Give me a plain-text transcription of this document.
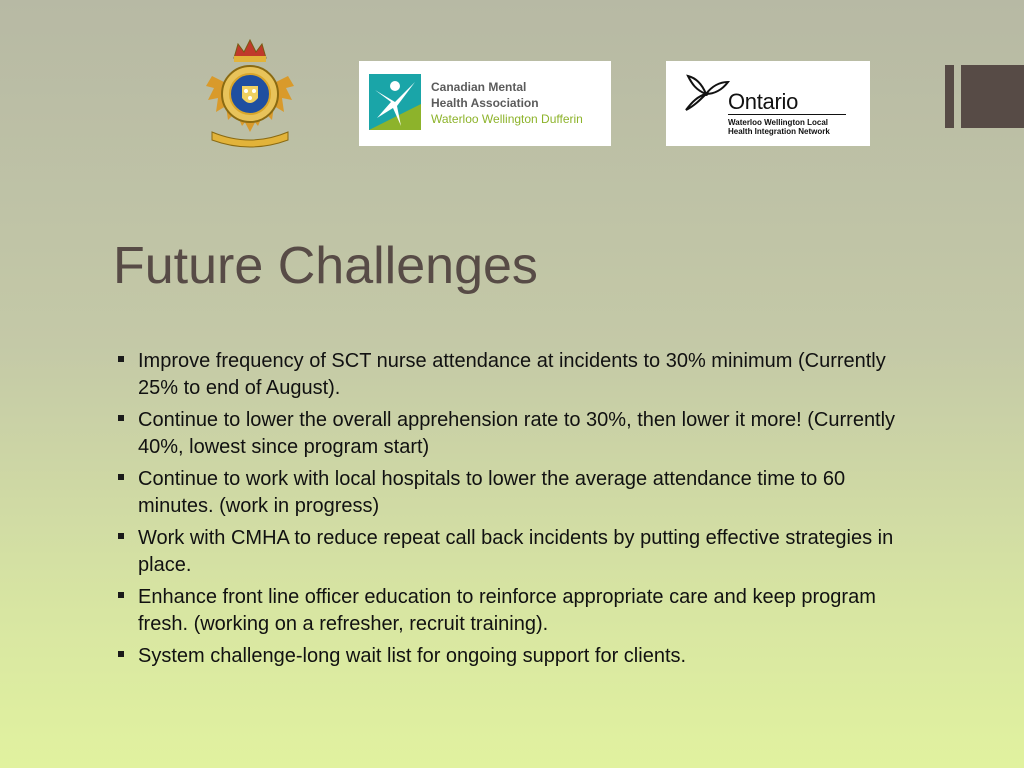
Canadian Mental
Health Association
Waterloo Wellington Dufferin
Ontario
Waterloo Wellington Local
Health Integration Network
Future Challenges
Improve frequency of SCT nurse attendance at incidents to 30% minimum (Currently 25% to end of August).
Continue to lower the overall apprehension rate to 30%, then lower it more! (Currently 40%, lowest since program start)
Continue to work with local hospitals to lower the average attendance time to 60 minutes. (work in progress)
Work with CMHA to reduce repeat call back incidents by putting effective strategies in place.
Enhance front line officer education to reinforce appropriate care and keep program fresh. (working on a refresher, recruit training).
System challenge-long wait list for ongoing support for clients.
